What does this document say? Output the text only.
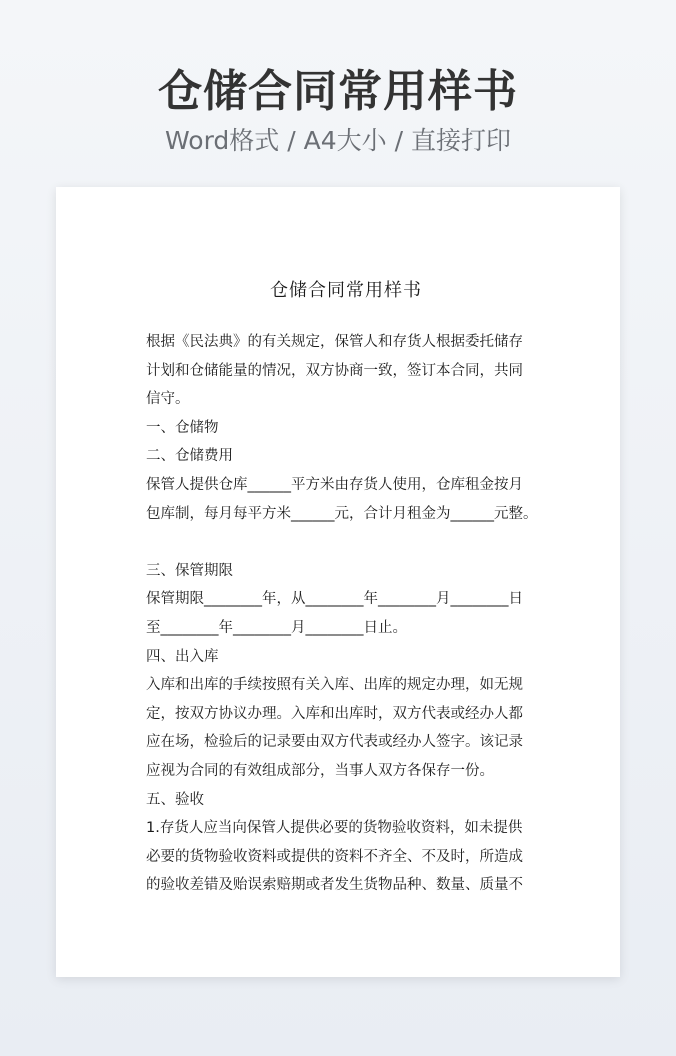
仓储合同常用样书
Word格式 / A4大小 / 直接打印
仓储合同常用样书
根据《民法典》的有关规定，保管人和存货人根据委托储存
计划和仓储能量的情况，双方协商一致，签订本合同，共同
信守。
一、仓储物
二、仓储费用
保管人提供仓库______平方米由存货人使用，仓库租金按月
包库制，每月每平方米______元，合计月租金为______元整。
三、保管期限
保管期限________年，从________年________月________日
至________年________月________日止。
四、出入库
入库和出库的手续按照有关入库、出库的规定办理，如无规
定，按双方协议办理。入库和出库时，双方代表或经办人都
应在场，检验后的记录要由双方代表或经办人签字。该记录
应视为合同的有效组成部分，当事人双方各保存一份。
五、验收
1.存货人应当向保管人提供必要的货物验收资料，如未提供
必要的货物验收资料或提供的资料不齐全、不及时，所造成
的验收差错及贻误索赔期或者发生货物品种、数量、质量不
